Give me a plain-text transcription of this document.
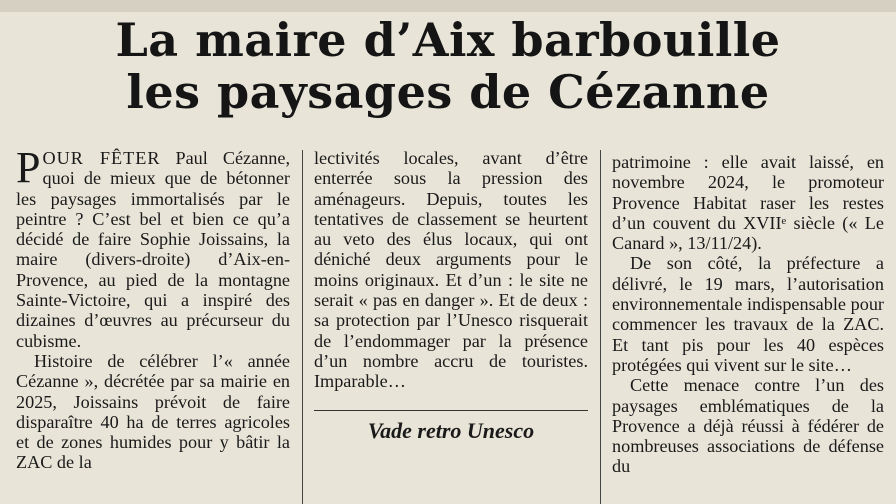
La maire d’Aix barbouille
les paysages de Cézanne

POUR FÊTER Paul Cézanne, quoi de mieux que de bétonner les paysages immortalisés par le peintre ? C’est bel et bien ce qu’a décidé de faire Sophie Joissains, la maire (divers-droite) d’Aix-en-Provence, au pied de la montagne Sainte-Victoire, qui a inspiré des dizaines d’œuvres au précurseur du cubisme.

Histoire de célébrer l’« année Cézanne », décrétée par sa mairie en 2025, Joissains prévoit de faire disparaître 40 ha de terres agricoles et de zones humides pour y bâtir la ZAC de la

lectivités locales, avant d’être enterrée sous la pression des aménageurs. Depuis, toutes les tentatives de classement se heurtent au veto des élus locaux, qui ont déniché deux arguments pour le moins originaux. Et d’un : le site ne serait « pas en danger ». Et de deux : sa protection par l’Unesco risquerait de l’endommager par la présence d’un nombre accru de touristes. Imparable…

Vade retro Unesco

patrimoine : elle avait laissé, en novembre 2024, le promoteur Provence Habitat raser les restes d’un couvent du XVIIᵉ siècle (« Le Canard », 13/11/24).

De son côté, la préfecture a délivré, le 19 mars, l’autorisation environnementale indispensable pour commencer les travaux de la ZAC. Et tant pis pour les 40 espèces protégées qui vivent sur le site…

Cette menace contre l’un des paysages emblématiques de la Provence a déjà réussi à fédérer de nombreuses associations de défense du
